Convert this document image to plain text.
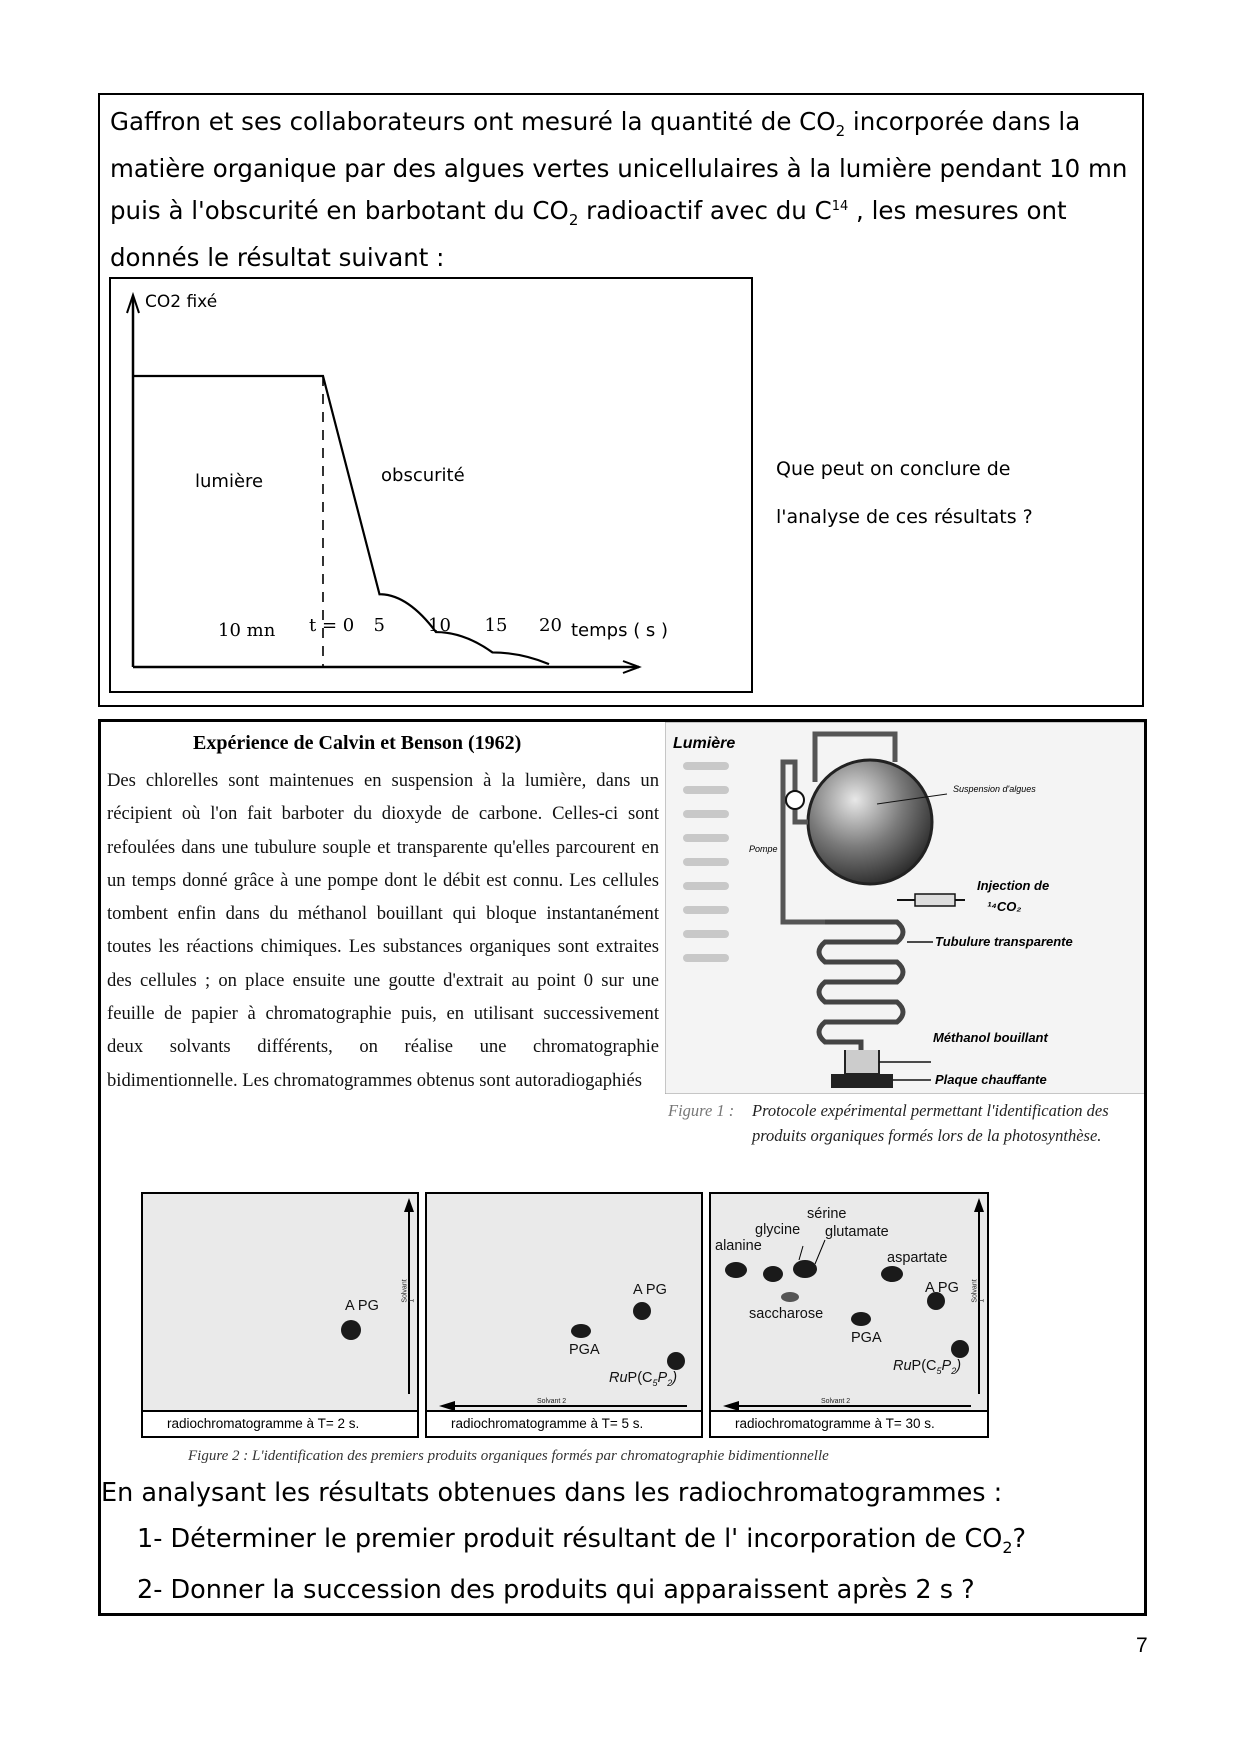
Gaffron et ses collaborateurs ont mesuré la quantité de $CO_2$ incorporée dans la matière organique par des algues vertes unicellulaires à la lumière pendant 10 mn puis à l'obscurité en barbotant du $CO_2$ radioactif avec du $C^{14}$ , les mesures ont donnés le résultat suivant :

CO2 fixé
lumière	obscurité
10 mn t = 0 5 10 15 20 temps ( s )

Que peut on conclure de
l'analyse de ces résultats ?

Expérience de Calvin et Benson (1962)

Des chlorelles sont maintenues en suspension à la lumière, dans un récipient où l'on fait barboter du dioxyde de carbone. Celles-ci sont refoulées dans une tubulure souple et transparente qu'elles parcourent en un temps donné grâce à une pompe dont le débit est connu. Les cellules tombent enfin dans du méthanol bouillant qui bloque instantanément toutes les réactions chimiques. Les substances organiques sont extraites des cellules ; on place ensuite une goutte d'extrait au point 0 sur une feuille de papier à chromatographie puis, en utilisant successivement deux solvants différents, on réalise une chromatographie bidimentionnelle. Les chromatogrammes obtenus sont autoradiogaphiés

Lumière
Suspension d'algues
Pompe
Injection de
¹⁴CO₂
Tubulure transparente
Méthanol bouillant
Plaque chauffante

Figure 1 : Protocole expérimental permettant l'identification des produits organiques formés lors de la photosynthèse.

Solvant 1
A PG
radiochromatogramme à T= 2 s.
Solvant 2
A PG
PGA
$RuP(C_5P_2)$
radiochromatogramme à T= 5 s.
Solvant 1
Solvant 2
sérine
glycine glutamate
alanine
aspartate
A PG
saccharose
PGA
$RuP(C_5P_2)$
radiochromatogramme à T= 30 s.

Figure 2 : L'identification des premiers produits organiques formés par chromatographie bidimentionnelle

En analysant les résultats obtenues dans les radiochromatogrammes :

1- Déterminer le premier produit résultant de l' incorporation de $CO_2$?
2- Donner la succession des produits qui apparaissent après 2 s ?
7
